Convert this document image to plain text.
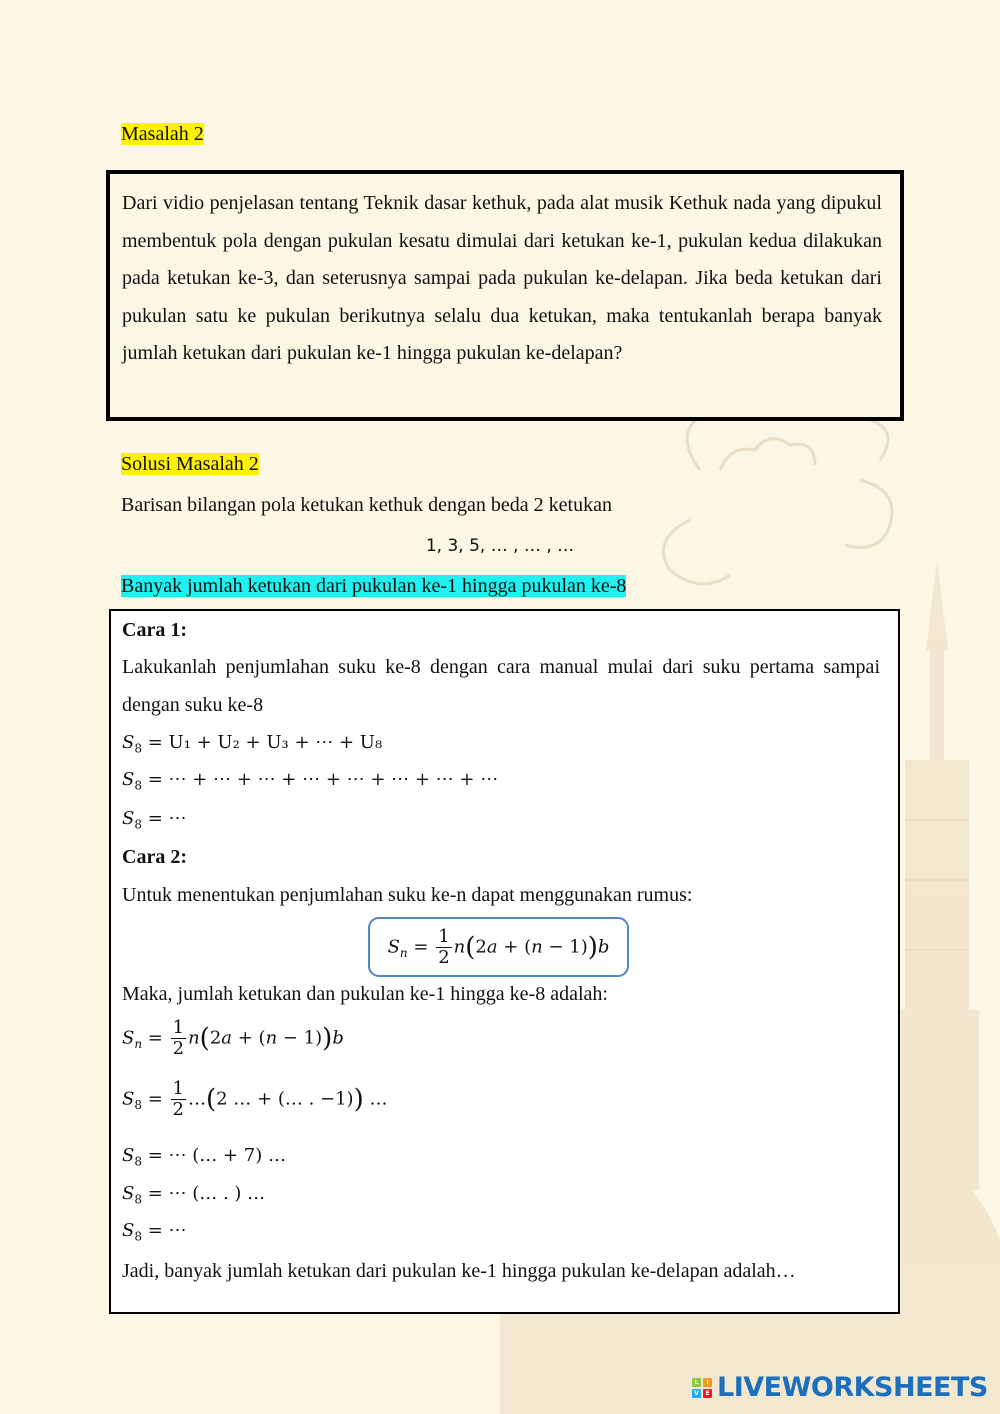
Masalah 2
Dari vidio penjelasan tentang Teknik dasar kethuk, pada alat musik Kethuk nada yang dipukul membentuk pola dengan pukulan kesatu dimulai dari ketukan ke-1, pukulan kedua dilakukan pada ketukan ke-3, dan seterusnya sampai pada pukulan ke-delapan. Jika beda ketukan dari pukulan satu ke pukulan berikutnya selalu dua ketukan, maka tentukanlah berapa banyak jumlah ketukan dari pukulan ke-1 hingga pukulan ke-delapan?
Solusi Masalah 2
Barisan bilangan pola ketukan kethuk dengan beda 2 ketukan
1, 3, 5, … , … , …
Banyak jumlah ketukan dari pukulan ke-1 hingga pukulan ke-8
Cara 1:
Lakukanlah penjumlahan suku ke-8 dengan cara manual mulai dari suku pertama sampai dengan suku ke-8
$S_8 = U_1 + U_2 + U_3$ + ⋯ + U₈
$S_8$ = ⋯ + ⋯ + ⋯ + ⋯ + ⋯ + ⋯ + ⋯ + ⋯
$S_8$ = ⋯
Cara 2:
Untuk menentukan penjumlahan suku ke-n dapat menggunakan rumus:
$S_n = \frac{1}{2} n(2a + (n - 1))b$
Maka, jumlah ketukan dan pukulan ke-1 hingga ke-8 adalah:
$S_n = \frac{1}{2} n(2a + (n - 1))b$
$S_8 = \frac{1}{2}$ …(2 … + (… . −1)) …
$S_8$ = ⋯ (… + 7) …
$S_8$ = ⋯ (… . ) …
$S_8$ = ⋯
Jadi, banyak jumlah ketukan dari pukulan ke-1 hingga pukulan ke-delapan adalah…
L	I
V	E LIVEWORKSHEETS
